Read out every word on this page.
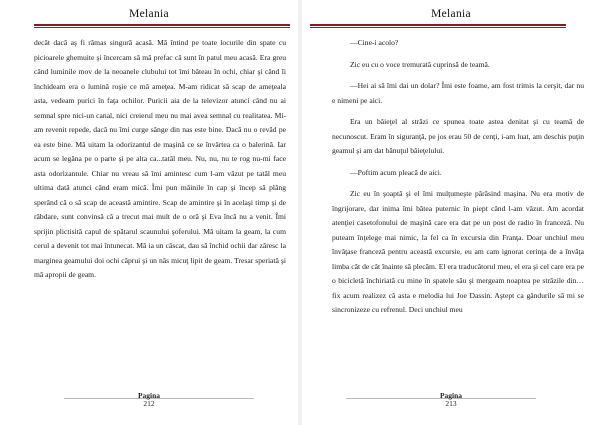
Melania

decât dacă aş fi rămas singură acasă. Mă întind pe toate locurile din spate cu picioarele ghemuite şi încercam să mă prefac că sunt în patul meu acasă. Era greu când luminile mov de la neoanele clubului tot îmi băteau în ochi, chiar şi când îi închideam era o lumină roşie ce mă ameţea. M-am ridicat să scap de ameţeala asta, vedeam purici în faţa ochilor. Puricii aia de la televizor atunci când nu ai semnal spre nici-un canal, nici creierul meu nu mai avea semnal cu realitatea. Mi-am revenit repede, dacă nu îmi curge sânge din nas este bine. Dacă nu o revăd pe ea este bine. Mă uitam la odorizantul de maşină ce se învârtea ca o balerină. Iar acum se legăna pe o parte şi pe alta ca...tatăl meu. Nu, nu, nu te rog nu-mi face asta odorizantule. Chiar nu vreau să îmi amintesc cum l-am văzut pe tatăl meu ultima dată atunci când eram mică. Îmi pun mâinile în cap şi încep să plâng sperând că o să scap de această amintire. Scap de amintire şi în acelaşi timp şi de răbdare, sunt convinsă că a trecut mai mult de o oră şi Eva încă nu a venit. Îmi sprijin plictisită capul de spătarul scaunului şoferului. Mă uitam la geam, la cum cerul a devenit tot mai întunecat. Mă ia un căscat, dau să închid ochii dar zăresc la marginea geamului doi ochi căprui şi un năs micuţ lipit de geam. Tresar speriată şi mă apropii de geam.

Pagina
212
Melania

—Cine-i acolo?

Zic eu cu o voce tremurată cuprinsă de teamă.

—Hei ai să îmi dai un dolar? Îmi este foame, am fost trimis la cerşit, dar nu e nimeni pe aici.

Era un băieţel al străzi ce spunea toate astea denitat şi cu teamă de necunoscut. Eram în siguranţă, pe jos erau 50 de cenţi, i-am luat, am deschis puţin geamul şi am dat bănuţul băieţelului.

—Poftim acum pleacă de aici.

Zic eu în şoaptă şi el îmi mulţumeşte părăsind maşina. Nu era motiv de îngrijorare, dar inima îmi bătea puternic în piept când l-am văzut. Am acordat atenţiei casetofonului de maşină care era dat pe un post de radio în franceză. Nu puteam înţelege mai nimic, la fel ca în excursia din Franţa. Doar unchiul meu învăţase franceză pentru această excursie, eu am cam ignorat cerinţa de a învăţa limba cât de cât înainte să plecăm. El era traducătorul meu, el era şi cel care era pe o bicicletă închiriată cu mine în spatele său şi mergeam noaptea pe străzile din…fix acum realizez că asta e melodia lui Joe Dassin. Aştept ca gândurile să mi se sincronizeze cu refrenul. Deci unchiul meu

Pagina
213
